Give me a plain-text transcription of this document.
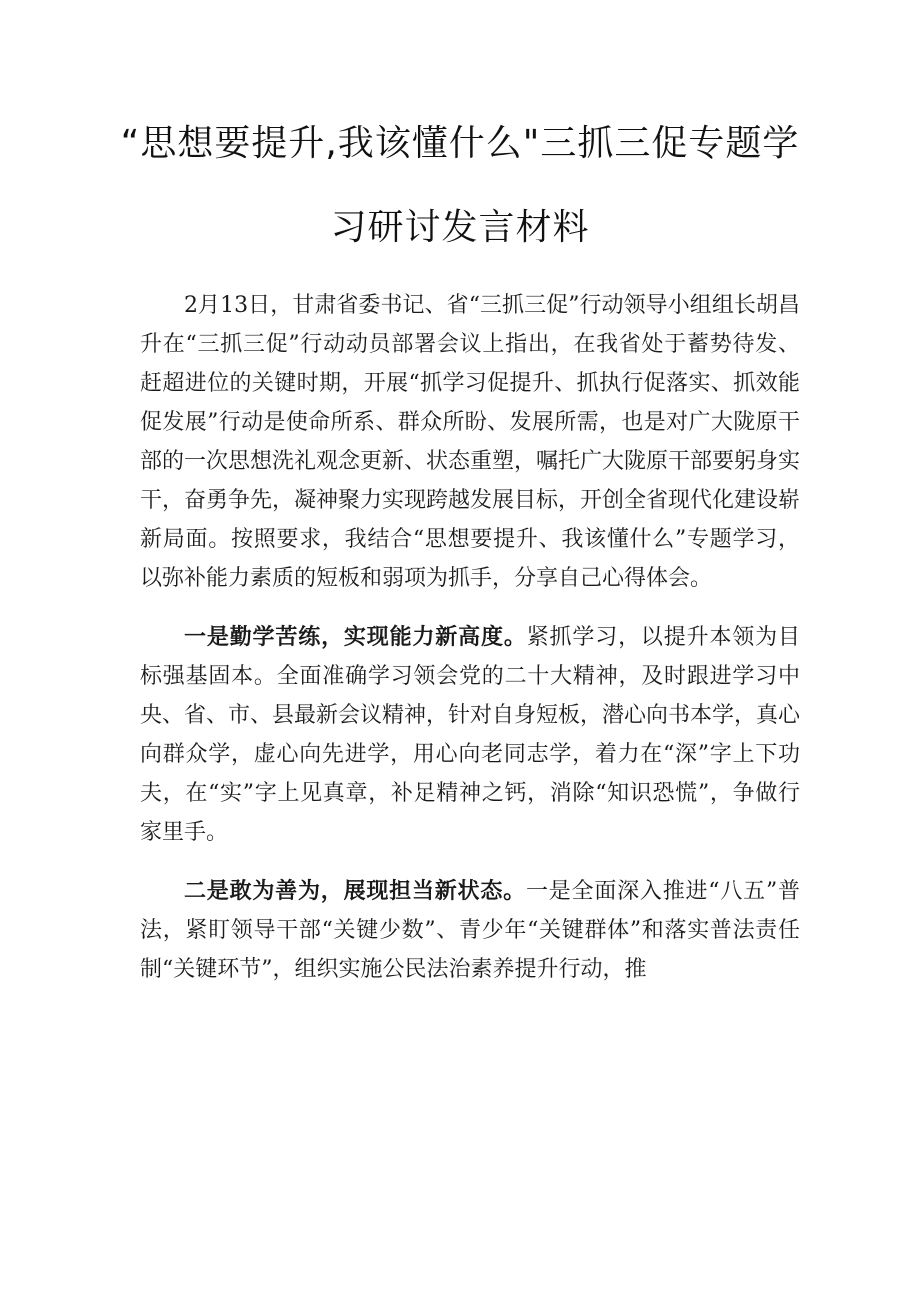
“思想要提升,我该懂什么"三抓三促专题学
习研讨发言材料

2月13日，甘肃省委书记、省“三抓三促”行动领导小组组长胡昌升在“三抓三促”行动动员部署会议上指出，在我省处于蓄势待发、赶超进位的关键时期，开展“抓学习促提升、抓执行促落实、抓效能促发展”行动是使命所系、群众所盼、发展所需，也是对广大陇原干部的一次思想洗礼观念更新、状态重塑，嘱托广大陇原干部要躬身实干，奋勇争先，凝神聚力实现跨越发展目标，开创全省现代化建设崭新局面。按照要求，我结合“思想要提升、我该懂什么”专题学习，以弥补能力素质的短板和弱项为抓手，分享自己心得体会。

一是勤学苦练，实现能力新高度。紧抓学习，以提升本领为目标强基固本。全面准确学习领会党的二十大精神，及时跟进学习中央、省、市、县最新会议精神，针对自身短板，潜心向书本学，真心向群众学，虚心向先进学，用心向老同志学，着力在“深”字上下功夫，在“实”字上见真章，补足精神之钙，消除“知识恐慌”，争做行家里手。

二是敢为善为，展现担当新状态。一是全面深入推进“八五”普法，紧盯领导干部“关键少数”、青少年“关键群体”和落实普法责任制“关键环节”，组织实施公民法治素养提升行动，推
